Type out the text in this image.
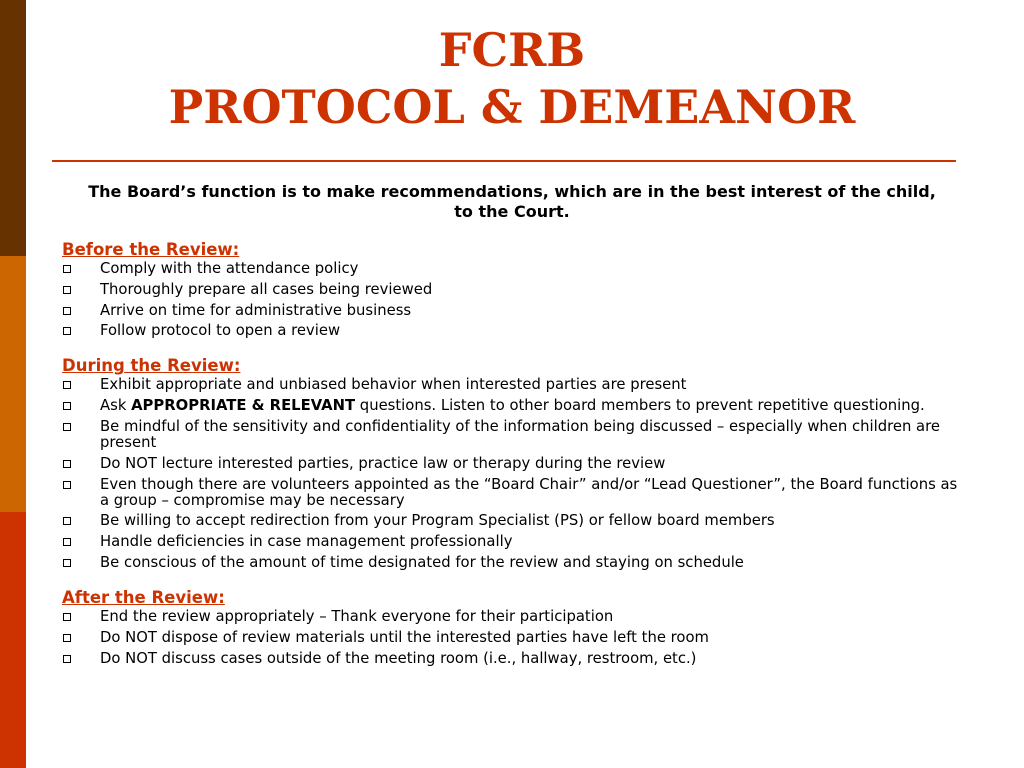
FCRB
PROTOCOL & DEMEANOR
The Board’s function is to make recommendations, which are in the best interest of the child, to the Court.
Before the Review:
Comply with the attendance policy
Thoroughly prepare all cases being reviewed
Arrive on time for administrative business
Follow protocol to open a review
During the Review:
Exhibit appropriate and unbiased behavior when interested parties are present
Ask APPROPRIATE & RELEVANT questions. Listen to other board members to prevent repetitive questioning.
Be mindful of the sensitivity and confidentiality of the information being discussed – especially when children are present
Do NOT lecture interested parties, practice law or therapy during the review
Even though there are volunteers appointed as the “Board Chair” and/or “Lead Questioner”, the Board functions as a group – compromise may be necessary
Be willing to accept redirection from your Program Specialist (PS) or fellow board members
Handle deficiencies in case management professionally
Be conscious of the amount of time designated for the review and staying on schedule
After the Review:
End the review appropriately – Thank everyone for their participation
Do NOT dispose of review materials until the interested parties have left the room
Do NOT discuss cases outside of the meeting room (i.e., hallway, restroom, etc.)
